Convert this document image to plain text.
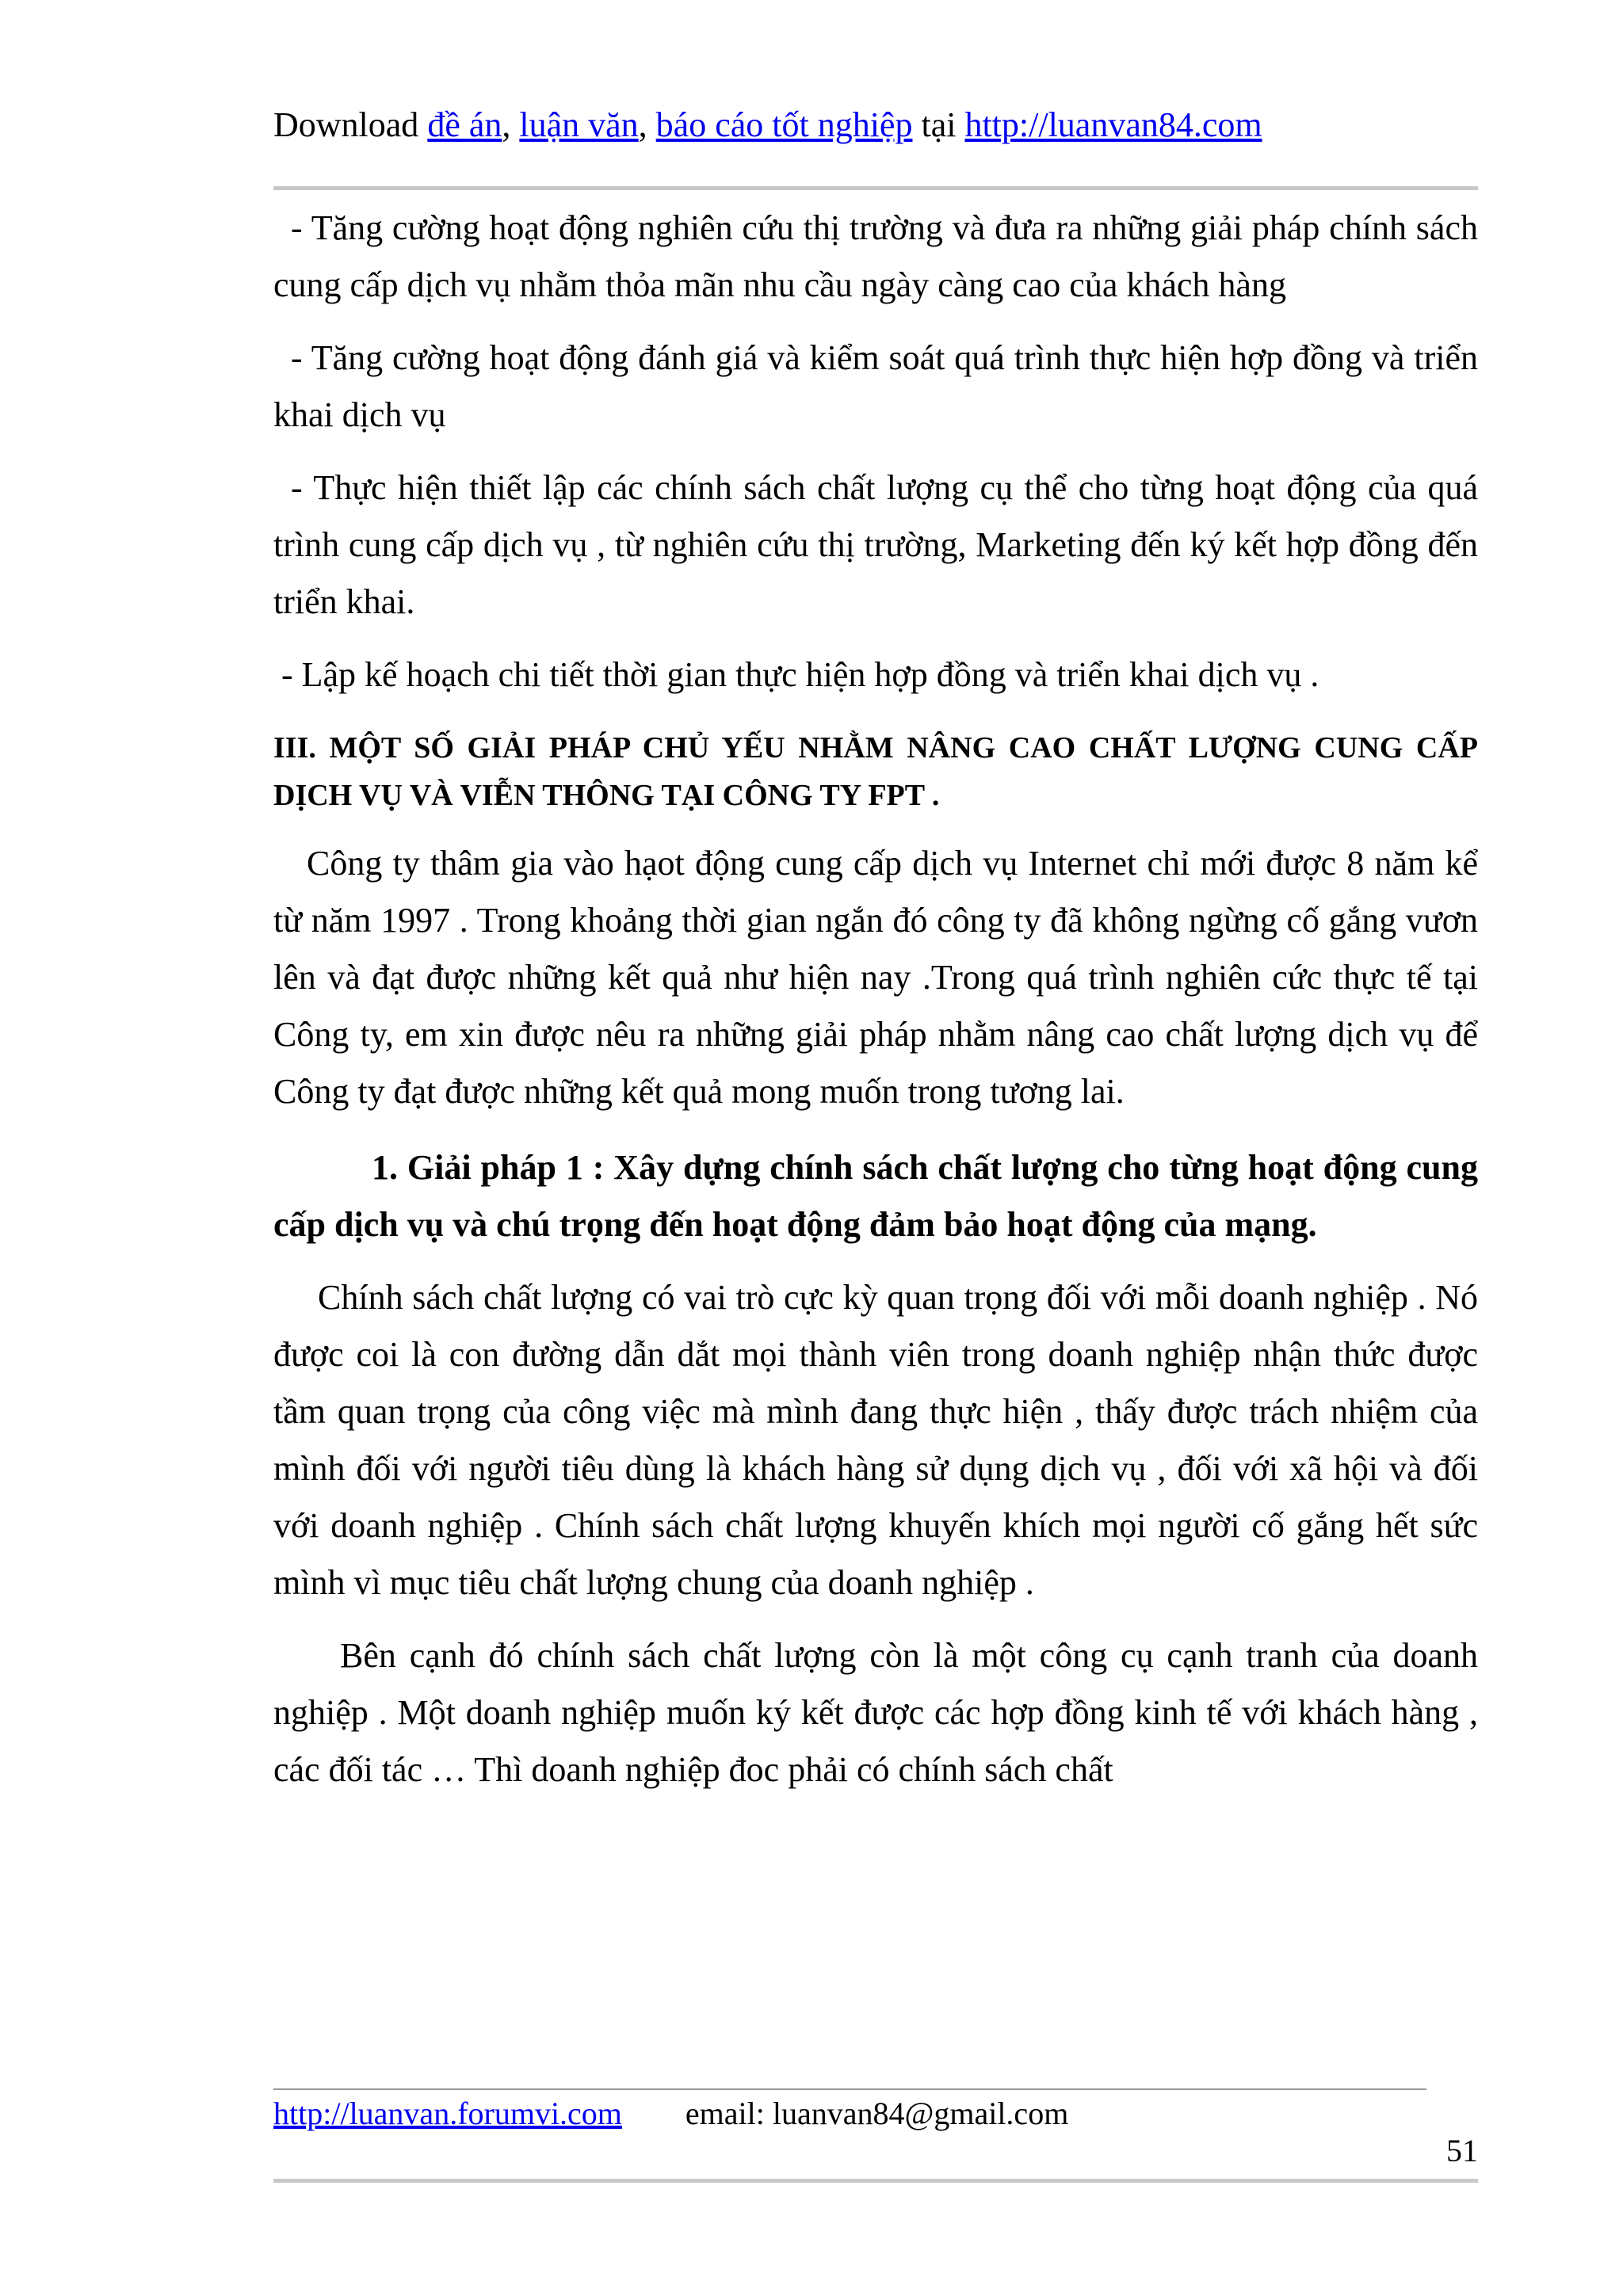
Download đề án, luận văn, báo cáo tốt nghiệp tại http://luanvan84.com

- Tăng cường hoạt động nghiên cứu thị trường và đưa ra những giải pháp chính sách cung cấp dịch vụ nhằm thỏa mãn nhu cầu ngày càng cao của khách hàng

- Tăng cường hoạt động đánh giá và kiểm soát quá trình thực hiện hợp đồng và triển khai dịch vụ

- Thực hiện thiết lập các chính sách chất lượng cụ thể cho từng hoạt động của quá trình cung cấp dịch vụ , từ nghiên cứu thị trường, Marketing đến ký kết hợp đồng đến triển khai.

- Lập kế hoạch chi tiết thời gian thực hiện hợp đồng và triển khai dịch vụ .

III. MỘT SỐ GIẢI PHÁP CHỦ YẾU NHẰM NÂNG CAO CHẤT LƯỢNG CUNG CẤP DỊCH VỤ VÀ VIỄN THÔNG TẠI CÔNG TY FPT .

Công ty thâm gia vào hạot động cung cấp dịch vụ Internet chỉ mới được 8 năm kể từ năm 1997 . Trong khoảng thời gian ngắn đó công ty đã không ngừng cố gắng vươn lên và đạt được những kết quả như hiện nay .Trong quá trình nghiên cức thực tế tại Công ty, em xin được nêu ra những giải pháp nhằm nâng cao chất lượng dịch vụ để Công ty đạt được những kết quả mong muốn trong tương lai.

1. Giải pháp 1 : Xây dựng chính sách chất lượng cho từng hoạt động cung cấp dịch vụ và chú trọng đến hoạt động đảm bảo hoạt động của mạng.

Chính sách chất lượng có vai trò cực kỳ quan trọng đối với mỗi doanh nghiệp . Nó được coi là con đường dẫn dắt mọi thành viên trong doanh nghiệp nhận thức được tầm quan trọng của công việc mà mình đang thực hiện , thấy được trách nhiệm của mình đối với người tiêu dùng là khách hàng sử dụng dịch vụ , đối với xã hội và đối với doanh nghiệp . Chính sách chất lượng khuyến khích mọi người cố gắng hết sức mình vì mục tiêu chất lượng chung của doanh nghiệp .

Bên cạnh đó chính sách chất lượng còn là một công cụ cạnh tranh của doanh nghiệp . Một doanh nghiệp muốn ký kết được các hợp đồng kinh tế với khách hàng , các đối tác … Thì doanh nghiệp đoc phải có chính sách chất

http://luanvan.forumvi.com email: luanvan84@gmail.com
51
